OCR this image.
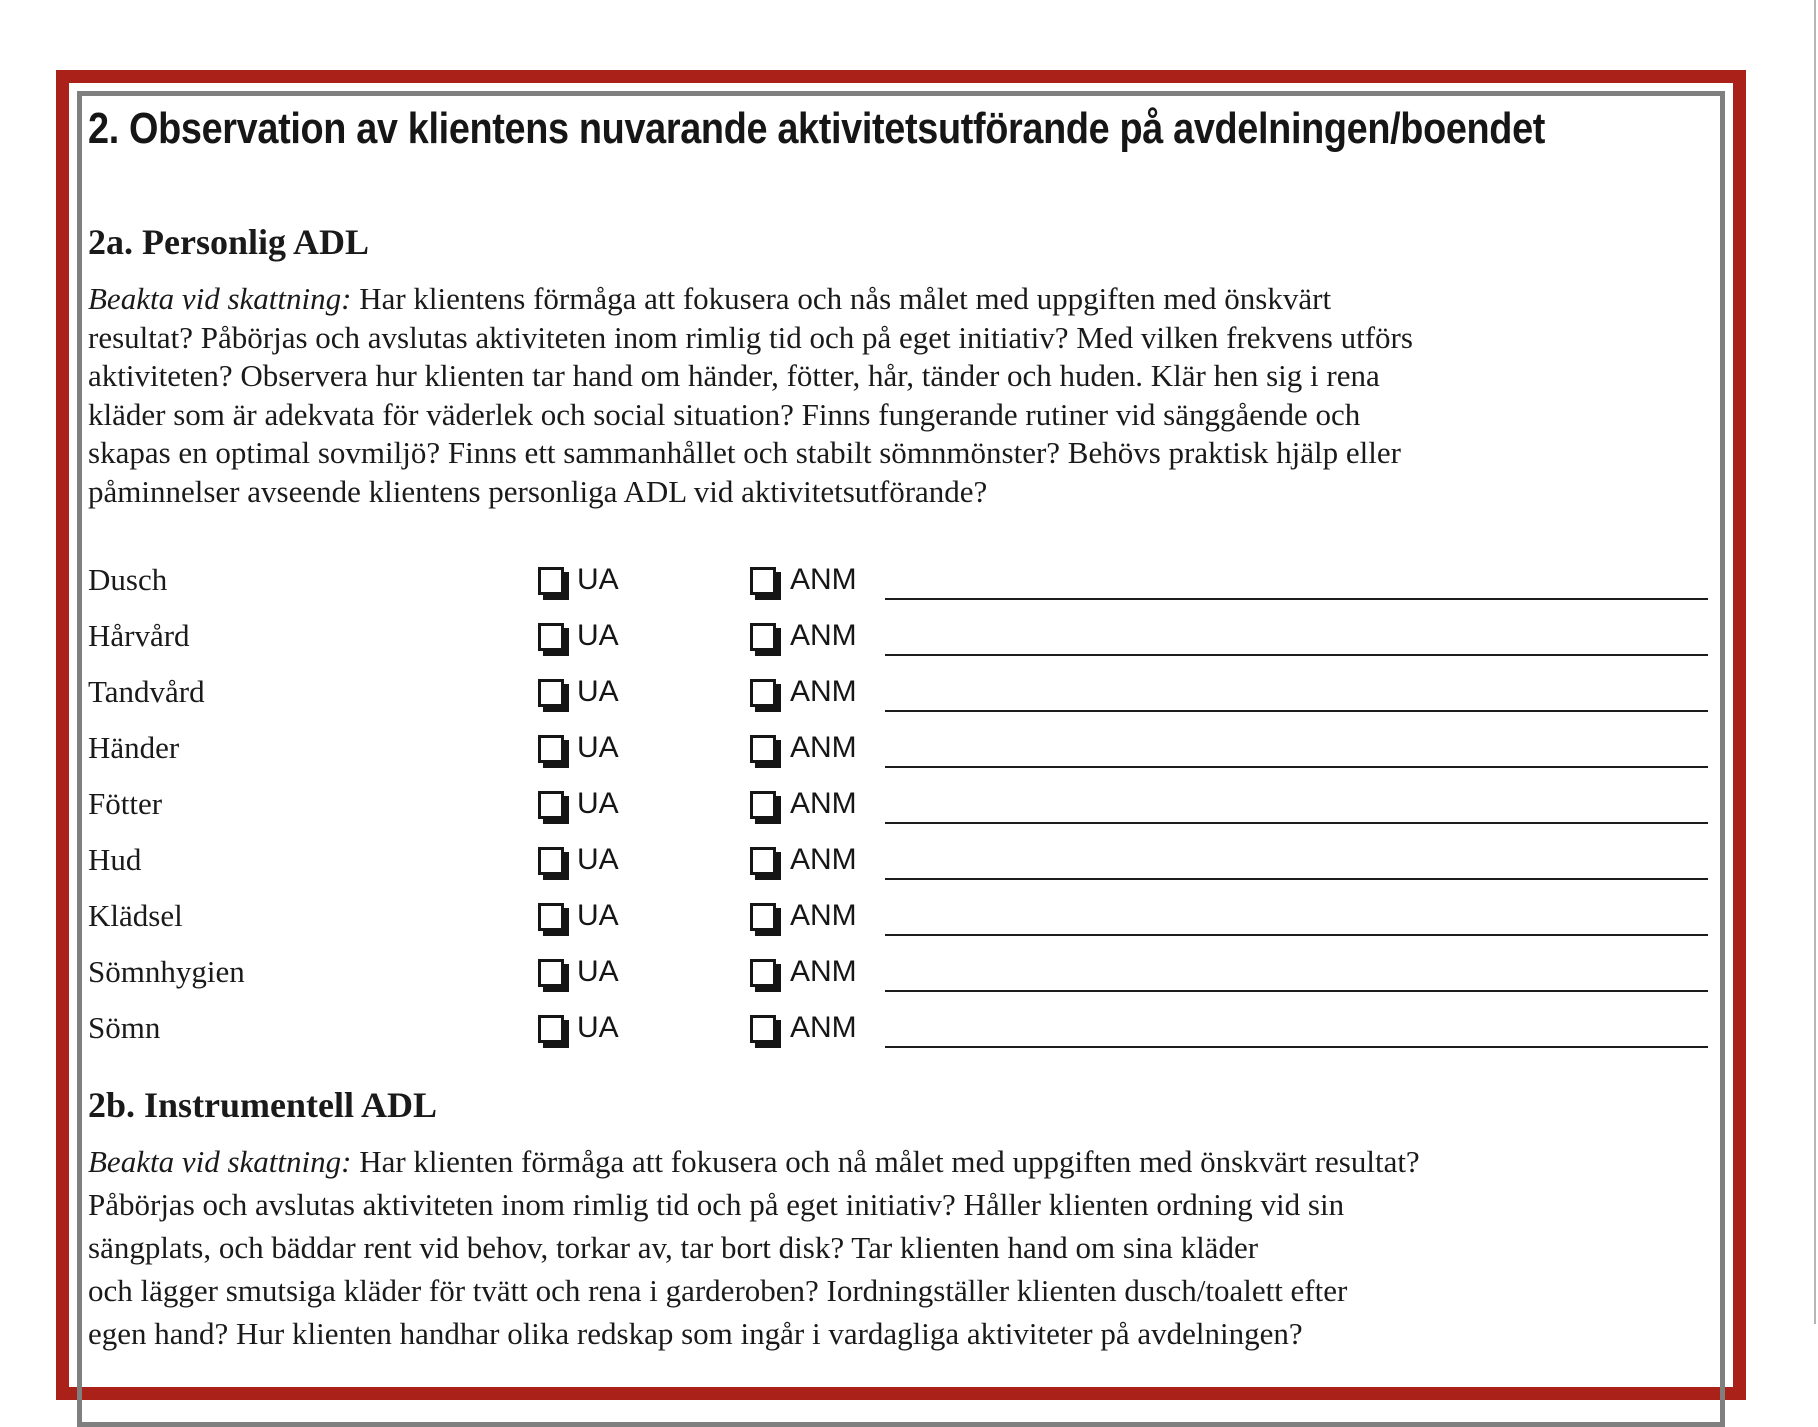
2. Observation av klientens nuvarande aktivitetsutförande på avdelningen/boendet
2a. Personlig ADL
Beakta vid skattning: Har klientens förmåga att fokusera och nås målet med uppgiften med önskvärt
resultat? Påbörjas och avslutas aktiviteten inom rimlig tid och på eget initiativ? Med vilken frekvens utförs
aktiviteten? Observera hur klienten tar hand om händer, fötter, hår, tänder och huden. Klär hen sig i rena
kläder som är adekvata för väderlek och social situation? Finns fungerande rutiner vid sänggående och
skapas en optimal sovmiljö? Finns ett sammanhållet och stabilt sömnmönster? Behövs praktisk hjälp eller
påminnelser avseende klientens personliga ADL vid aktivitetsutförande?
Dusch	UA	ANM
Hårvård	UA	ANM
Tandvård	UA	ANM
Händer	UA	ANM
Fötter	UA	ANM
Hud	UA	ANM
Klädsel	UA	ANM
Sömnhygien	UA	ANM
Sömn	UA	ANM
2b. Instrumentell ADL
Beakta vid skattning: Har klienten förmåga att fokusera och nå målet med uppgiften med önskvärt resultat?
Påbörjas och avslutas aktiviteten inom rimlig tid och på eget initiativ? Håller klienten ordning vid sin
sängplats, och bäddar rent vid behov, torkar av, tar bort disk? Tar klienten hand om sina kläder
och lägger smutsiga kläder för tvätt och rena i garderoben? Iordningställer klienten dusch/toalett efter
egen hand? Hur klienten handhar olika redskap som ingår i vardagliga aktiviteter på avdelningen?
